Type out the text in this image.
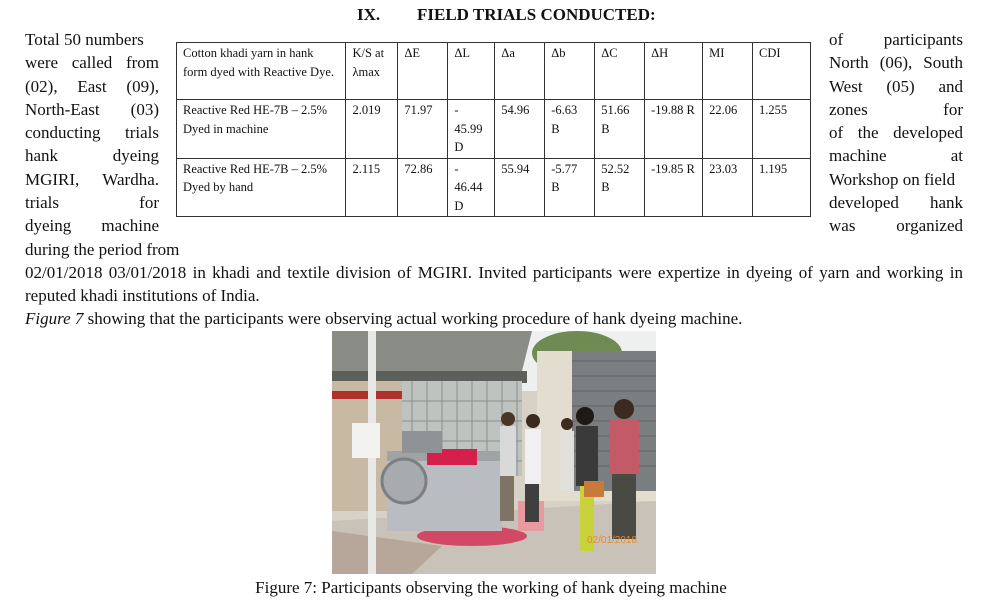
IX. FIELD TRIALS CONDUCTED:
Total 50 numbers
were called from
(02), East (09),
North-East (03)
conducting trials
hank dyeing
MGIRI, Wardha.
trials for
dyeing machine
Cotton khadi yarn in hank form dyed with Reactive Dye.	K/S at λmax	ΔE	ΔL	Δa	Δb	ΔC	ΔH	MI	CDI
Reactive Red HE-7B – 2.5% Dyed in machine	2.019	71.97	- 45.99 D	54.96	-6.63 B	51.66 B	-19.88 R	22.06	1.255
Reactive Red HE-7B – 2.5% Dyed by hand	2.115	72.86	- 46.44 D	55.94	-5.77 B	52.52 B	-19.85 R	23.03	1.195
of participants
North (06), South
West (05) and
zones for
of the developed
machine at
Workshop on field
developed hank
was organized
during the period from
02/01/2018 03/01/2018 in khadi and textile division of MGIRI. Invited participants were expertize in dyeing of yarn and working in
reputed khadi institutions of India.
Figure 7 showing that the participants were observing actual working procedure of hank dyeing machine.
02/01/2018
Figure 7: Participants observing the working of hank dyeing machine
